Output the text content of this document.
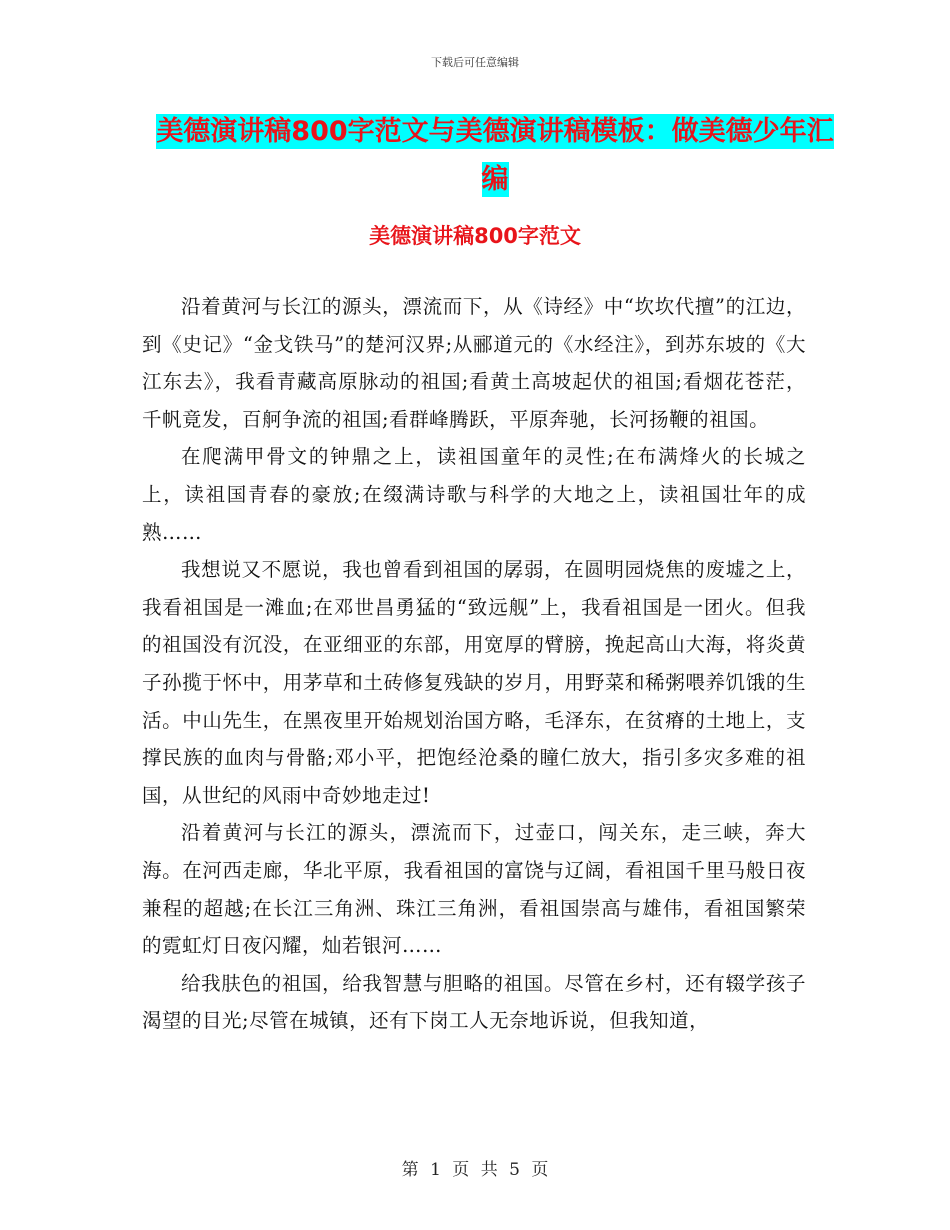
下载后可任意编辑
美德演讲稿800字范文与美德演讲稿模板：做美德少年汇编
美德演讲稿800字范文

沿着黄河与长江的源头，漂流而下，从《诗经》中“坎坎代擅”的江边，到《史记》“金戈铁马”的楚河汉界;从郦道元的《水经注》，到苏东坡的《大江东去》，我看青藏高原脉动的祖国;看黄土高坡起伏的祖国;看烟花苍茫，千帆竟发，百舸争流的祖国;看群峰腾跃，平原奔驰，长河扬鞭的祖国。

在爬满甲骨文的钟鼎之上，读祖国童年的灵性;在布满烽火的长城之上，读祖国青春的豪放;在缀满诗歌与科学的大地之上，读祖国壮年的成熟……

我想说又不愿说，我也曾看到祖国的孱弱，在圆明园烧焦的废墟之上，我看祖国是一滩血;在邓世昌勇猛的“致远舰”上，我看祖国是一团火。但我的祖国没有沉没，在亚细亚的东部，用宽厚的臂膀，挽起高山大海，将炎黄子孙揽于怀中，用茅草和土砖修复残缺的岁月，用野菜和稀粥喂养饥饿的生活。中山先生，在黑夜里开始规划治国方略，毛泽东，在贫瘠的土地上，支撑民族的血肉与骨骼;邓小平，把饱经沧桑的瞳仁放大，指引多灾多难的祖国，从世纪的风雨中奇妙地走过!

沿着黄河与长江的源头，漂流而下，过壶口，闯关东，走三峡，奔大海。在河西走廊，华北平原，我看祖国的富饶与辽阔，看祖国千里马般日夜兼程的超越;在长江三角洲、珠江三角洲，看祖国崇高与雄伟，看祖国繁荣的霓虹灯日夜闪耀，灿若银河……

给我肤色的祖国，给我智慧与胆略的祖国。尽管在乡村，还有辍学孩子渴望的目光;尽管在城镇，还有下岗工人无奈地诉说，但我知道，

第 1 页 共 5 页
